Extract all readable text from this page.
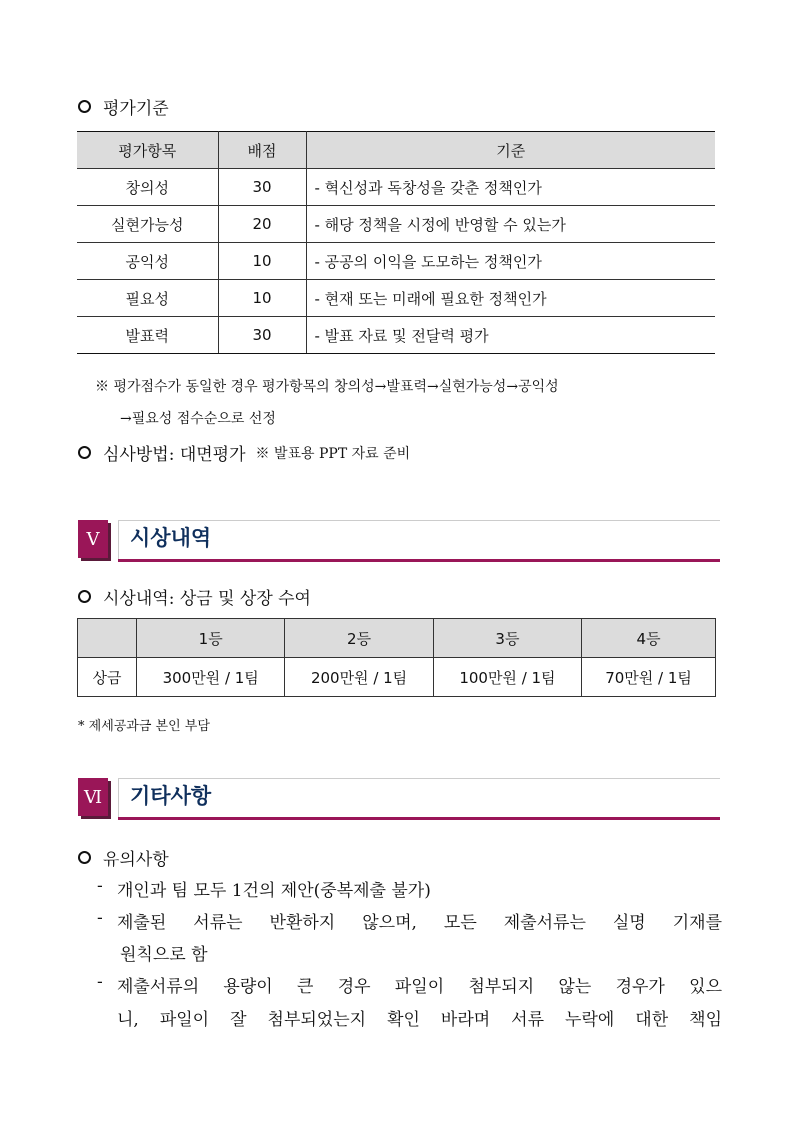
평가기준
평가항목	배점	기준
창의성	30	- 혁신성과 독창성을 갖춘 정책인가
실현가능성	20	- 해당 정책을 시정에 반영할 수 있는가
공익성	10	- 공공의 이익을 도모하는 정책인가
필요성	10	- 현재 또는 미래에 필요한 정책인가
발표력	30	- 발표 자료 및 전달력 평가
※ 평가점수가 동일한 경우 평가항목의 창의성→발표력→실현가능성→공익성
→필요성 점수순으로 선정
심사방법: 대면평가 ※ 발표용 PPT 자료 준비
Ⅴ	시상내역
시상내역: 상금 및 상장 수여
	1등	2등	3등	4등
상금	300만원 / 1팀	200만원 / 1팀	100만원 / 1팀	70만원 / 1팀
* 제세공과금 본인 부담
Ⅵ 기타사항
유의사항
- 개인과 팀 모두 1건의 제안(중복제출 불가)
- 제출된 서류는 반환하지 않으며, 모든 제출서류는 실명 기재를
원칙으로 함
- 제출서류의 용량이 큰 경우 파일이 첨부되지 않는 경우가 있으
니, 파일이 잘 첨부되었는지 확인 바라며 서류 누락에 대한 책임
